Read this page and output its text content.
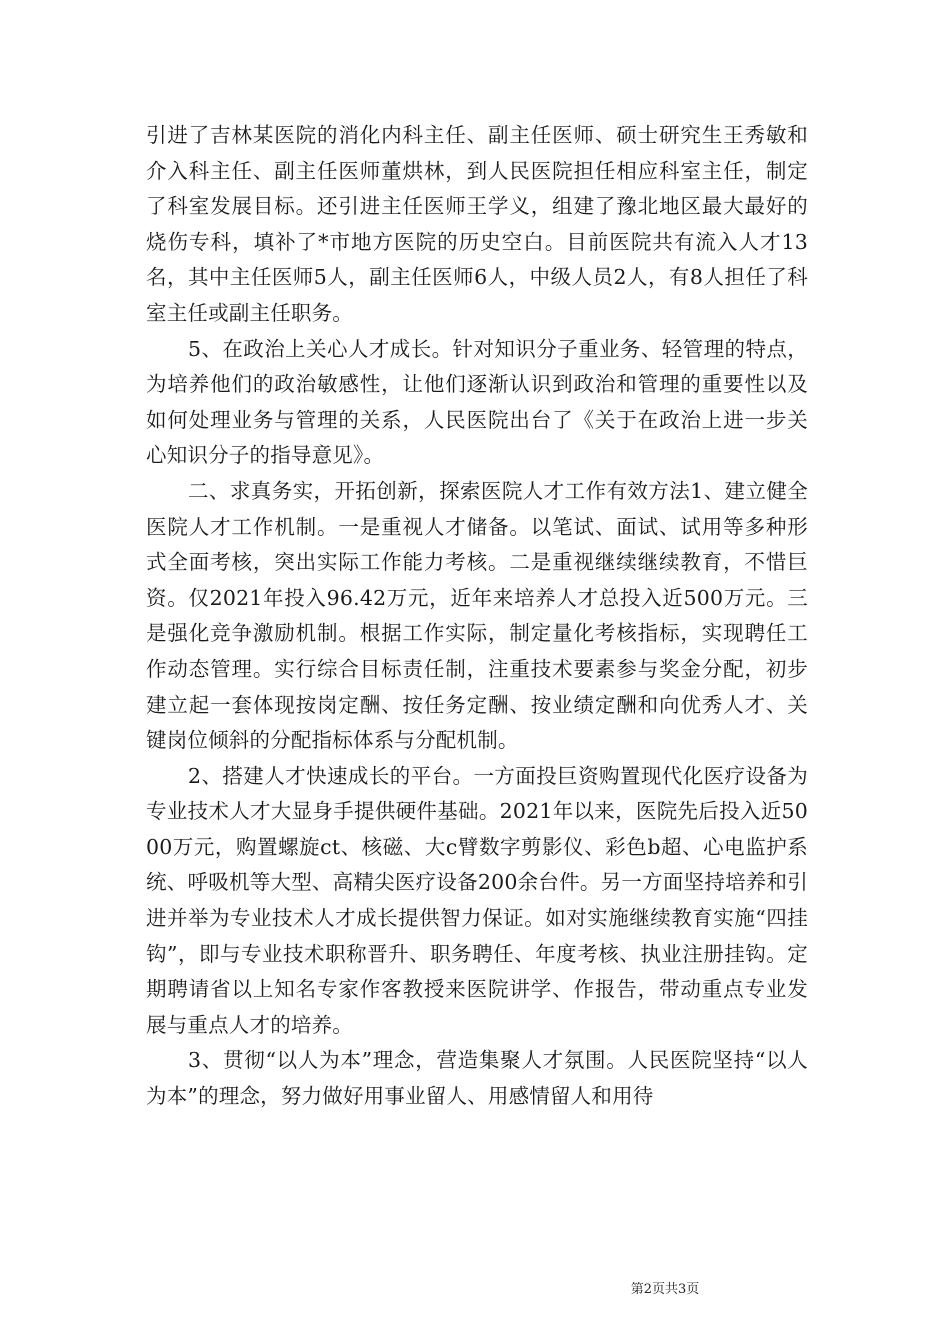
引进了吉林某医院的消化内科主任、副主任医师、硕士研究生王秀敏和介入科主任、副主任医师董烘林，到人民医院担任相应科室主任，制定了科室发展目标。还引进主任医师王学义，组建了豫北地区最大最好的烧伤专科，填补了*市地方医院的历史空白。目前医院共有流入人才13名，其中主任医师5人，副主任医师6人，中级人员2人，有8人担任了科室主任或副主任职务。

5、在政治上关心人才成长。针对知识分子重业务、轻管理的特点，为培养他们的政治敏感性，让他们逐渐认识到政治和管理的重要性以及如何处理业务与管理的关系，人民医院出台了《关于在政治上进一步关心知识分子的指导意见》。

二、求真务实，开拓创新，探索医院人才工作有效方法1、建立健全医院人才工作机制。一是重视人才储备。以笔试、面试、试用等多种形式全面考核，突出实际工作能力考核。二是重视继续继续教育，不惜巨资。仅2021年投入96.42万元，近年来培养人才总投入近500万元。三是强化竞争激励机制。根据工作实际，制定量化考核指标，实现聘任工作动态管理。实行综合目标责任制，注重技术要素参与奖金分配，初步建立起一套体现按岗定酬、按任务定酬、按业绩定酬和向优秀人才、关键岗位倾斜的分配指标体系与分配机制。

2、搭建人才快速成长的平台。一方面投巨资购置现代化医疗设备为专业技术人才大显身手提供硬件基础。2021年以来，医院先后投入近5000万元，购置螺旋ct、核磁、大c臂数字剪影仪、彩色b超、心电监护系统、呼吸机等大型、高精尖医疗设备200余台件。另一方面坚持培养和引进并举为专业技术人才成长提供智力保证。如对实施继续教育实施“四挂钩”，即与专业技术职称晋升、职务聘任、年度考核、执业注册挂钩。定期聘请省以上知名专家作客教授来医院讲学、作报告，带动重点专业发展与重点人才的培养。

3、贯彻“以人为本”理念，营造集聚人才氛围。人民医院坚持“以人为本”的理念，努力做好用事业留人、用感情留人和用待

第2页共3页
